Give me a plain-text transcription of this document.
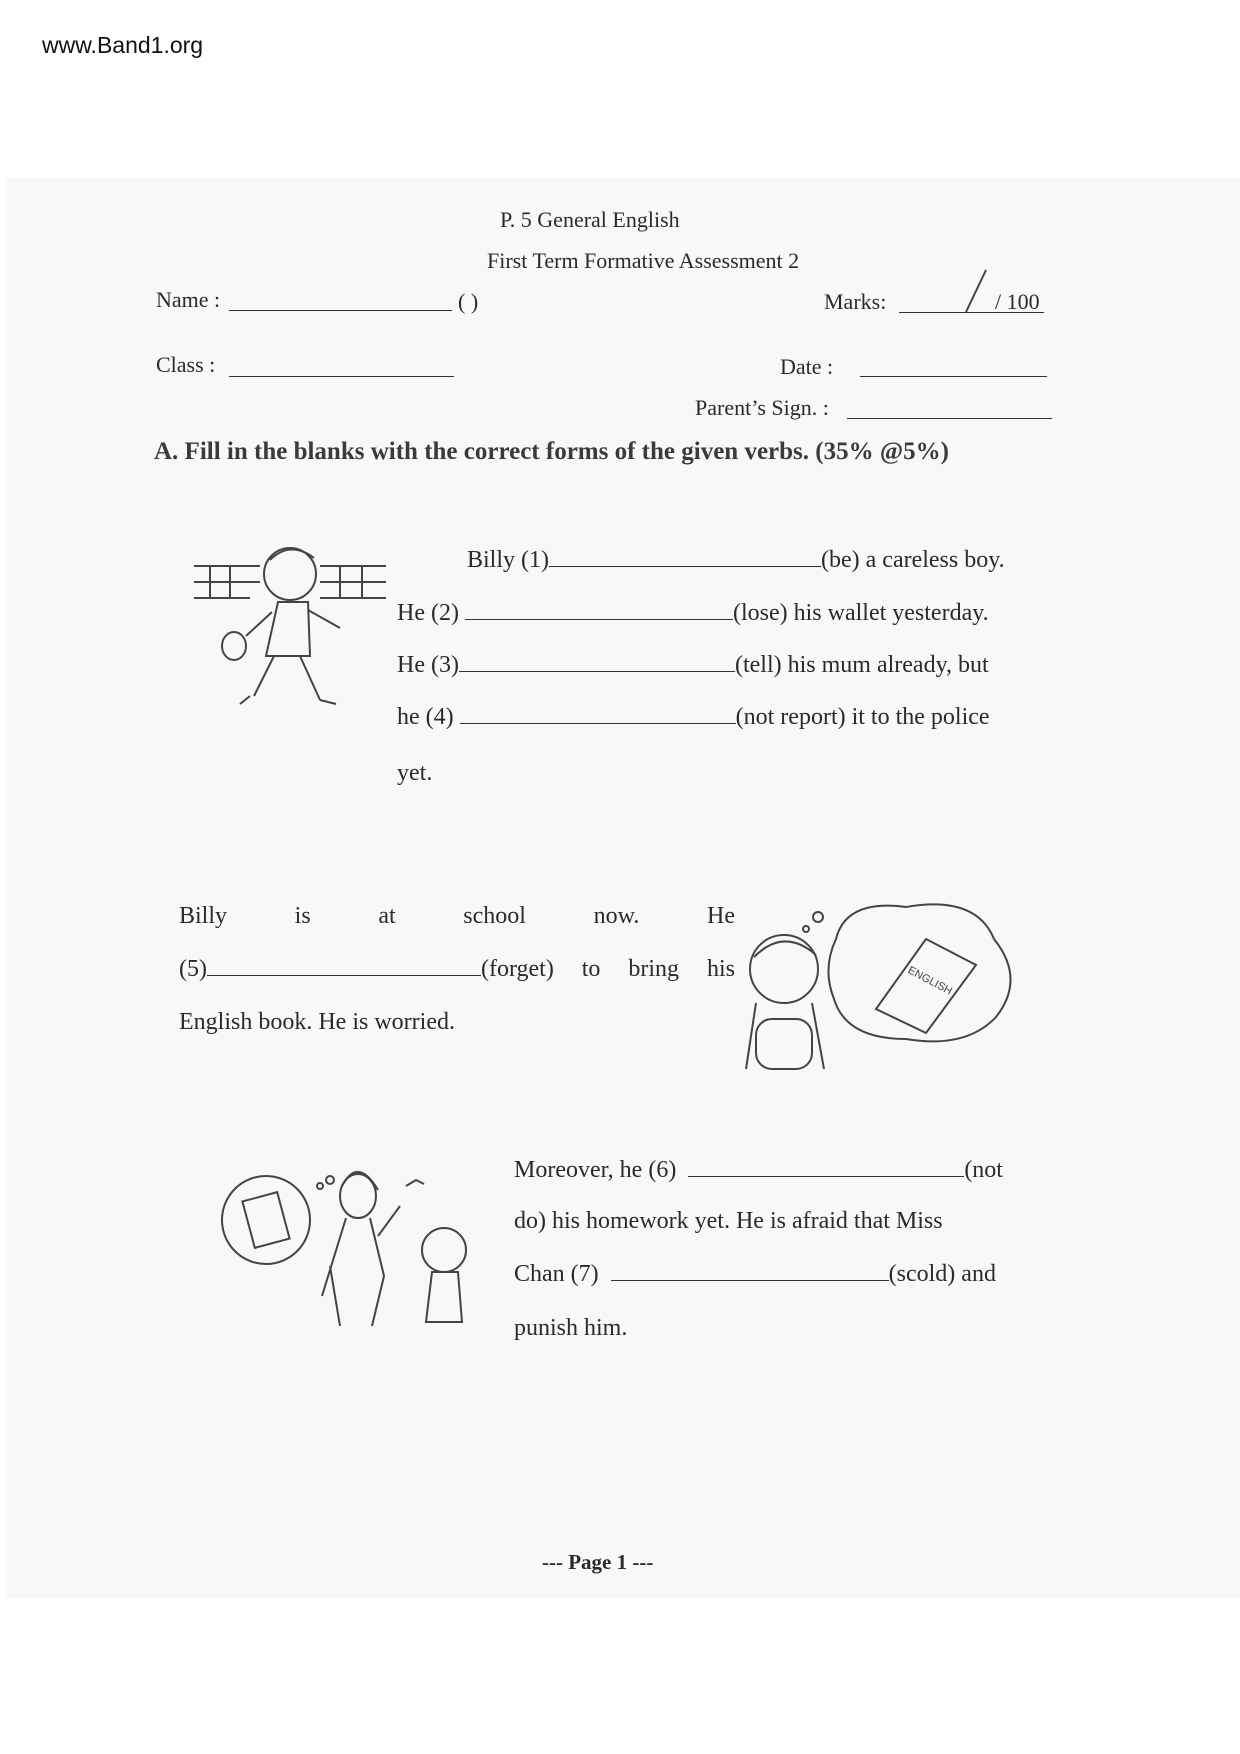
www.Band1.org
P. 5 General English
First Term Formative Assessment 2
Name :	( )	Marks:	/ 100
Class :	Date :
Parent’s Sign. :
A. Fill in the blanks with the correct forms of the given verbs. (35% @5%)
Billy (1)	(be) a careless boy.
He (2)	(lose) his wallet yesterday.
He (3)	(tell) his mum already, but
he (4)	(not report) it to the police
yet.
Billy	is	at	school	now.	He
(5)	(forget) to bring his
English book. He is worried.
ENGLISH
Moreover, he (6)	(not
do) his homework yet. He is afraid that Miss
Chan (7)	(scold) and
punish him.
--- Page 1 ---
